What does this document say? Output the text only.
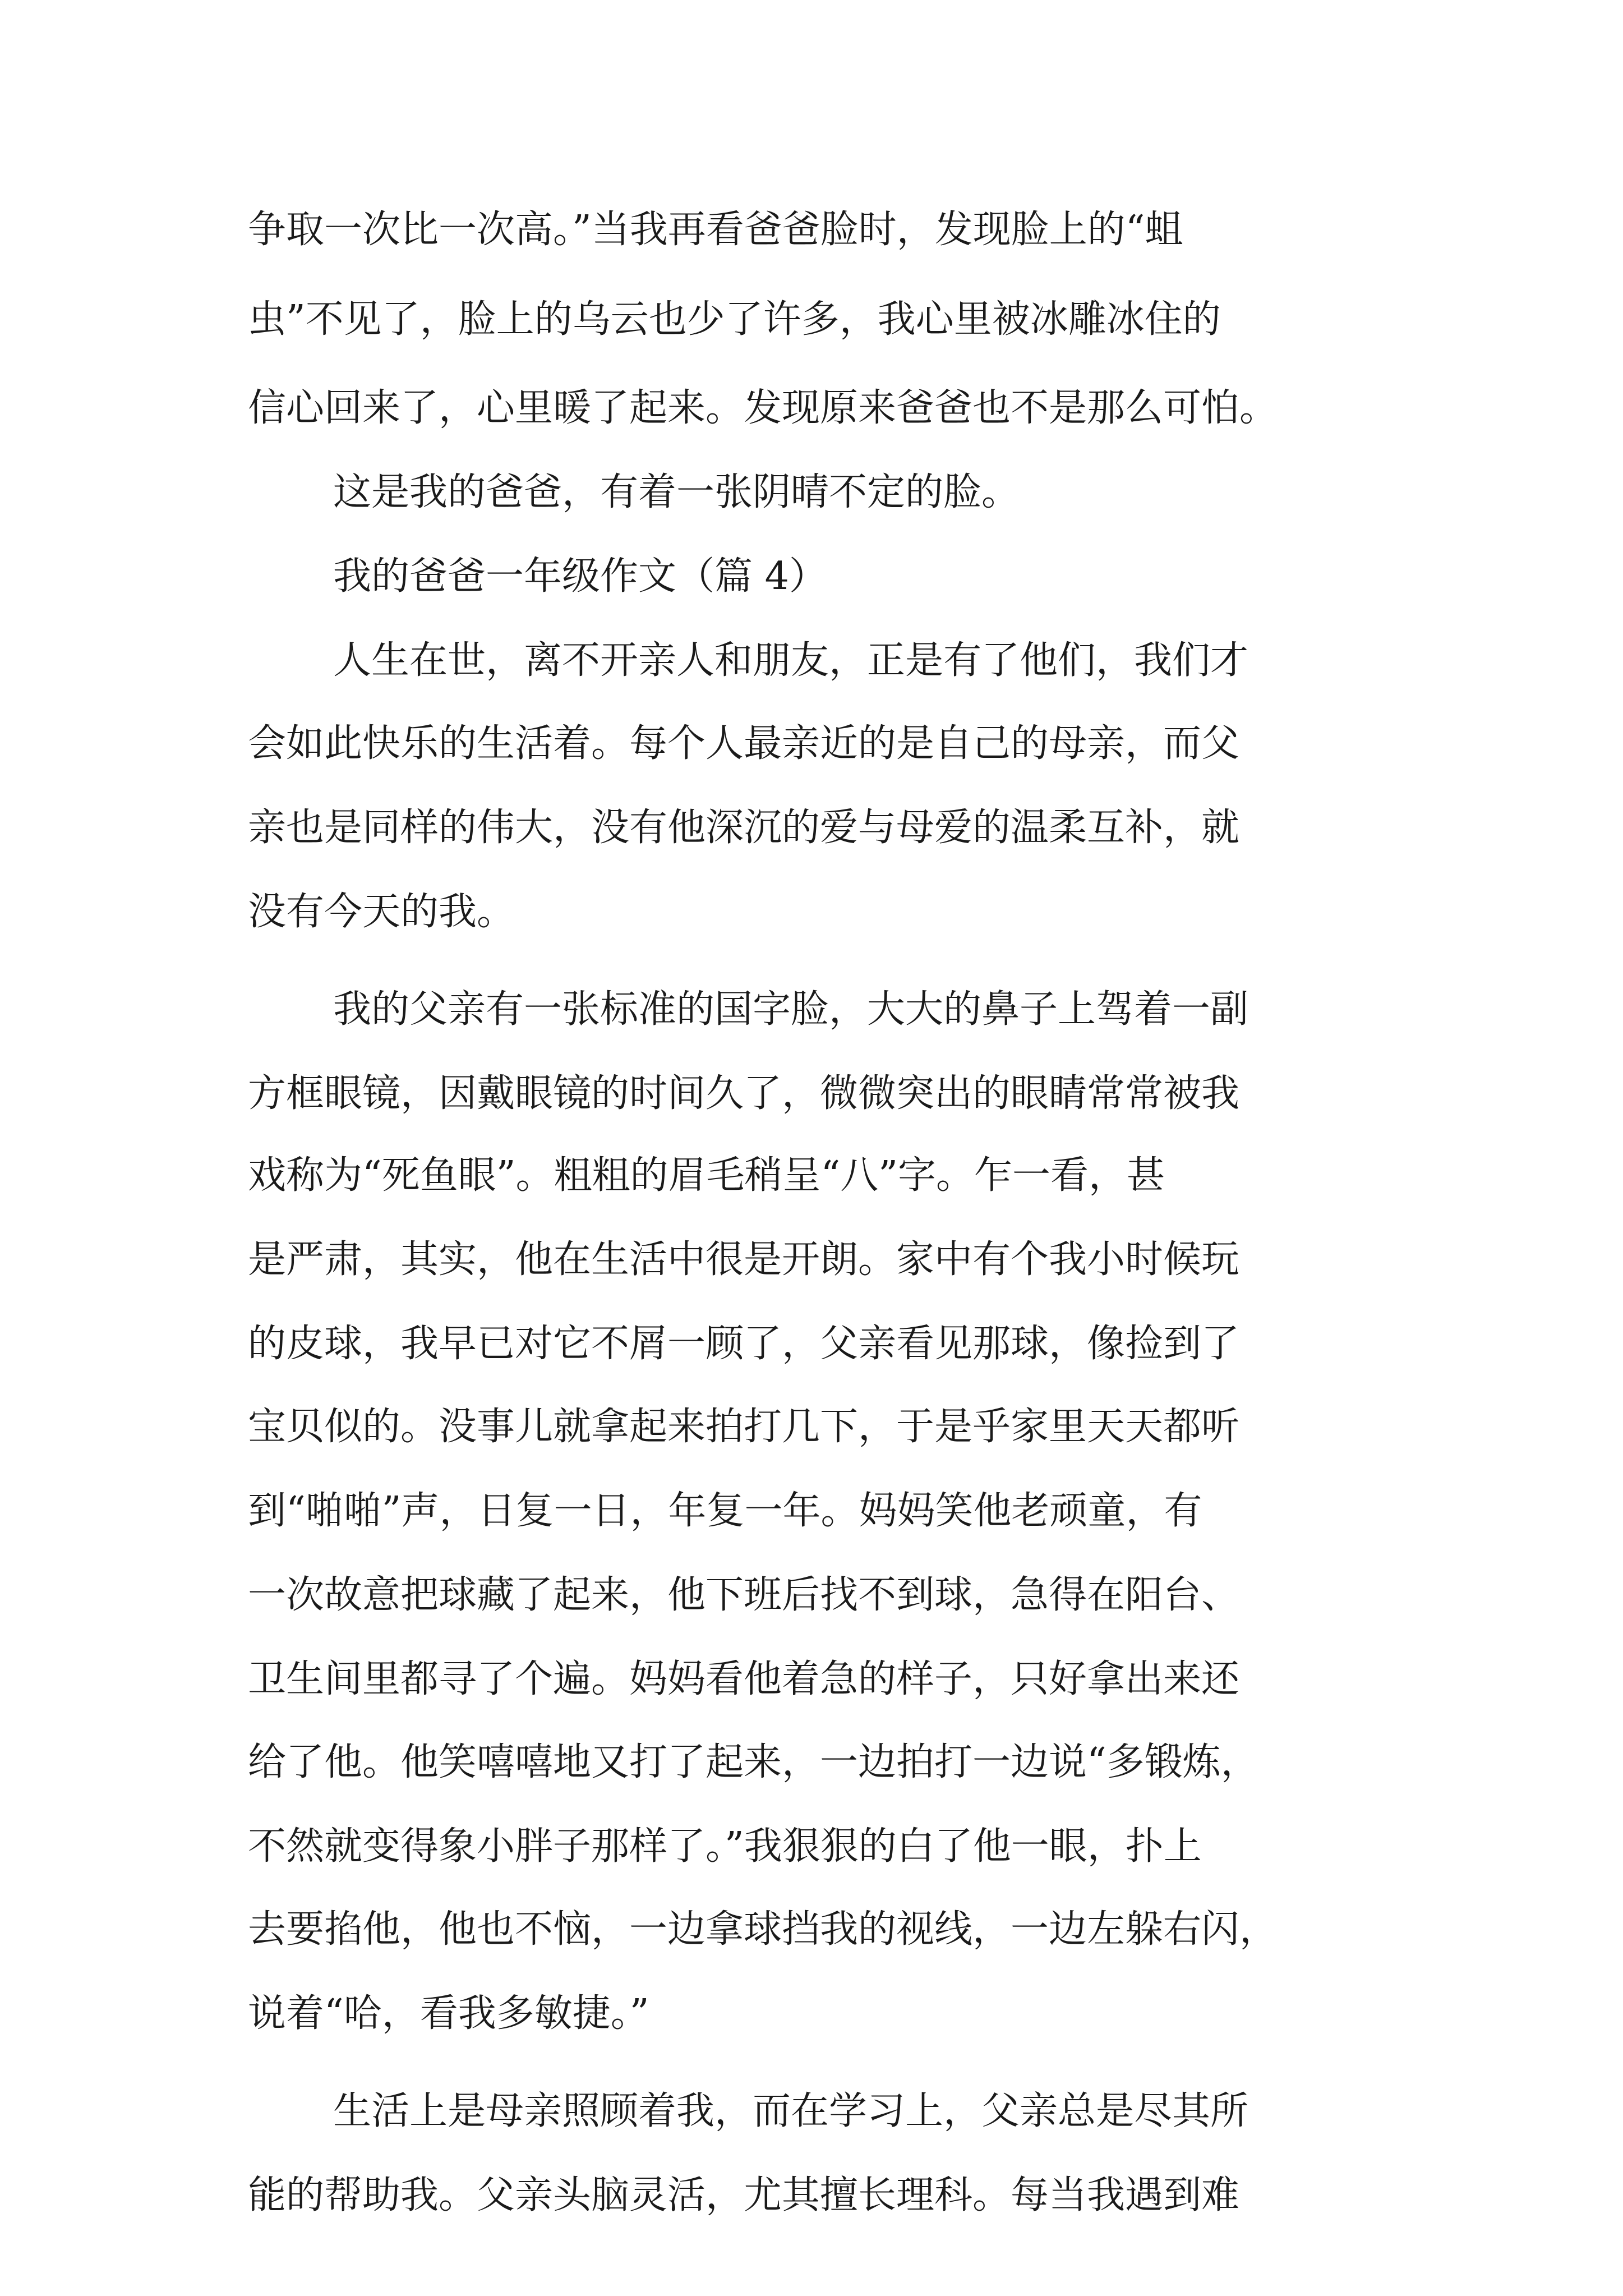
争取一次比一次高。”当我再看爸爸脸时，发现脸上的“蛆

虫”不见了，脸上的乌云也少了许多，我心里被冰雕冰住的

信心回来了，心里暖了起来。发现原来爸爸也不是那么可怕。

这是我的爸爸，有着一张阴晴不定的脸。

我的爸爸一年级作文（篇 4）

人生在世，离不开亲人和朋友，正是有了他们，我们才

会如此快乐的生活着。每个人最亲近的是自己的母亲，而父

亲也是同样的伟大，没有他深沉的爱与母爱的温柔互补，就

没有今天的我。

我的父亲有一张标准的国字脸，大大的鼻子上驾着一副

方框眼镜，因戴眼镜的时间久了，微微突出的眼睛常常被我

戏称为“死鱼眼”。粗粗的眉毛稍呈“八”字。乍一看，甚

是严肃，其实，他在生活中很是开朗。家中有个我小时候玩

的皮球，我早已对它不屑一顾了，父亲看见那球，像捡到了

宝贝似的。没事儿就拿起来拍打几下，于是乎家里天天都听

到“啪啪”声，日复一日，年复一年。妈妈笑他老顽童，有

一次故意把球藏了起来，他下班后找不到球，急得在阳台、

卫生间里都寻了个遍。妈妈看他着急的样子，只好拿出来还

给了他。他笑嘻嘻地又打了起来，一边拍打一边说“多锻炼，

不然就变得象小胖子那样了。”我狠狠的白了他一眼，扑上

去要掐他，他也不恼，一边拿球挡我的视线，一边左躲右闪，

说着“哈，看我多敏捷。”

生活上是母亲照顾着我，而在学习上，父亲总是尽其所

能的帮助我。父亲头脑灵活，尤其擅长理科。每当我遇到难
